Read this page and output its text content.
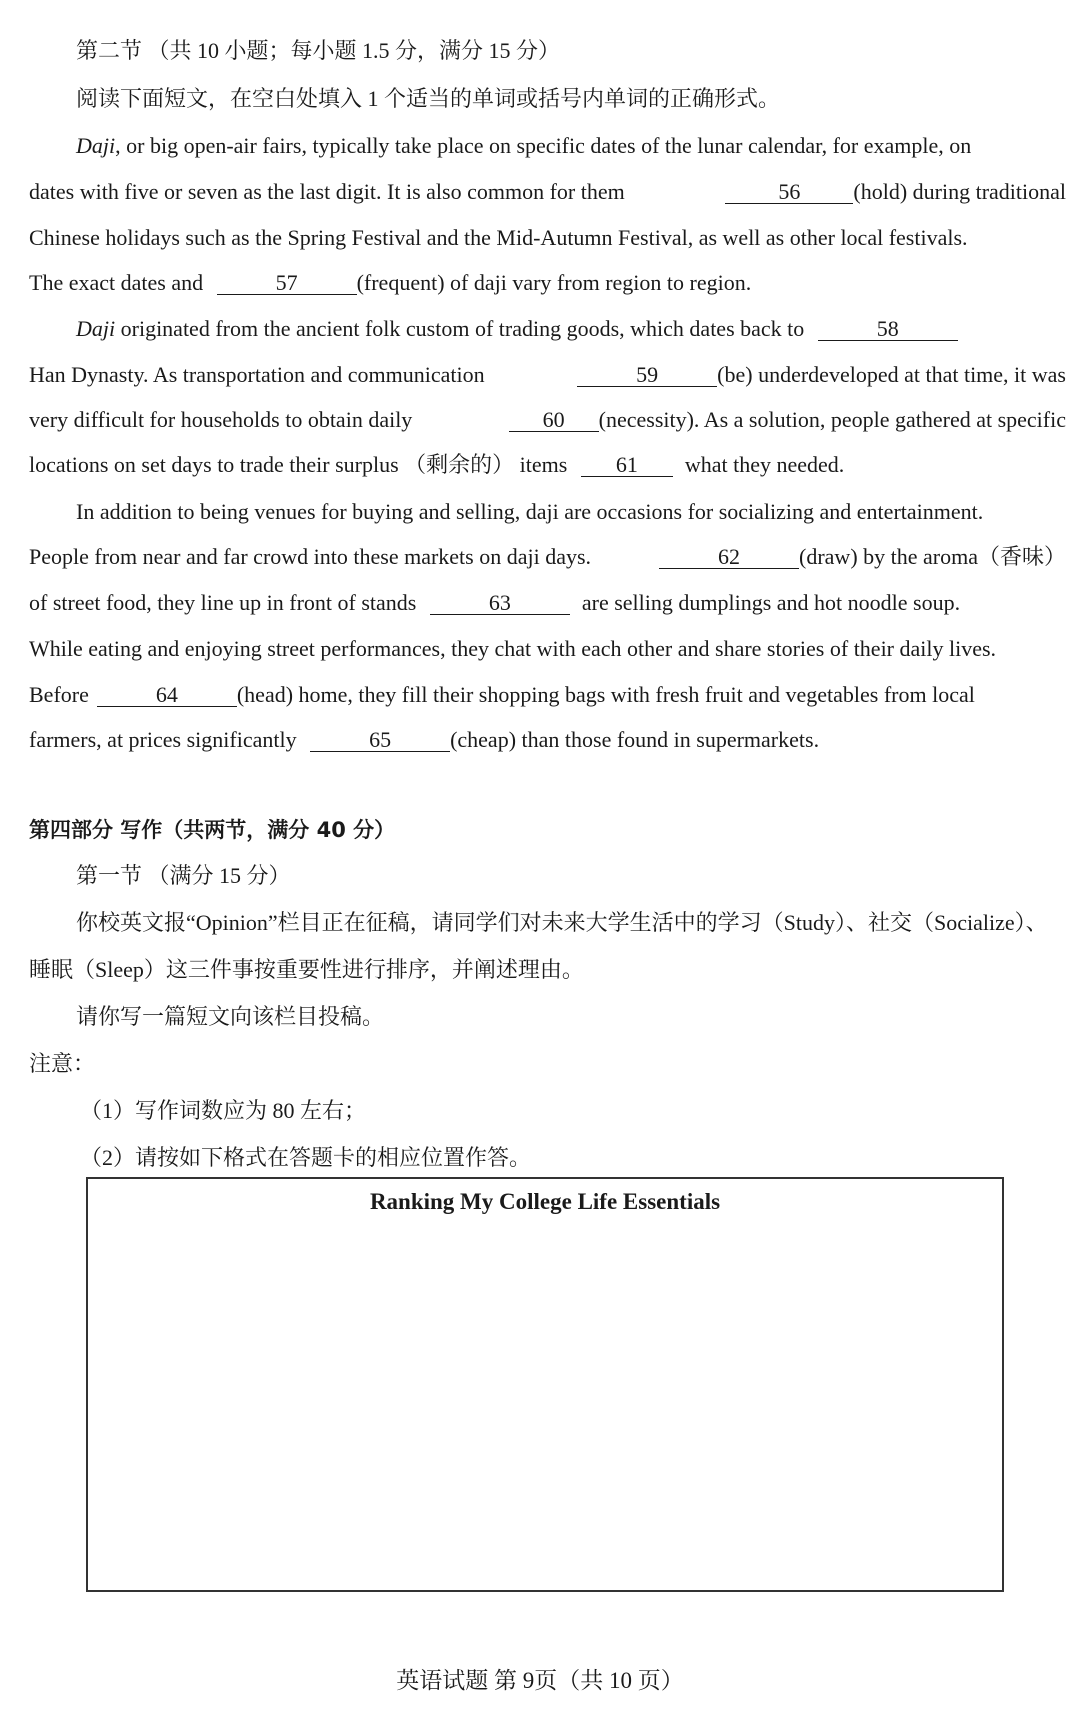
第二节 （共 10 小题；每小题 1.5 分，满分 15 分）
阅读下面短文，在空白处填入 1 个适当的单词或括号内单词的正确形式。
Daji, or big open-air fairs, typically take place on specific dates of the lunar calendar, for example, on
dates with five or seven as the last digit. It is also common for them	56 (hold) during traditional
Chinese holidays such as the Spring Festival and the Mid-Autumn Festival, as well as other local festivals.
The exact dates and	57	(frequent) of daji vary from region to region.
Daji originated from the ancient folk custom of trading goods, which dates back to	58
Han Dynasty. As transportation and communication	59	(be) underdeveloped at that time, it was
very difficult for households to obtain daily	60 (necessity). As a solution, people gathered at specific
locations on set days to trade their surplus （剩余的） items 61 what they needed.
In addition to being venues for buying and selling, daji are occasions for socializing and entertainment.
People from near and far crowd into these markets on daji days.	62	(draw) by the aroma（香味）
of street food, they line up in front of stands	63	are selling dumplings and hot noodle soup.
While eating and enjoying street performances, they chat with each other and share stories of their daily lives.
Before	64	(head) home, they fill their shopping bags with fresh fruit and vegetables from local
farmers, at prices significantly	65	(cheap) than those found in supermarkets.
第四部分 写作（共两节，满分 40 分）
第一节 （满分 15 分）
你校英文报“Opinion”栏目正在征稿，请同学们对未来大学生活中的学习（Study）、社交（Socialize）、
睡眠（Sleep）这三件事按重要性进行排序，并阐述理由。
请你写一篇短文向该栏目投稿。
注意：
（1）写作词数应为 80 左右；
（2）请按如下格式在答题卡的相应位置作答。
Ranking My College Life Essentials
英语试题 第 9页（共 10 页）
